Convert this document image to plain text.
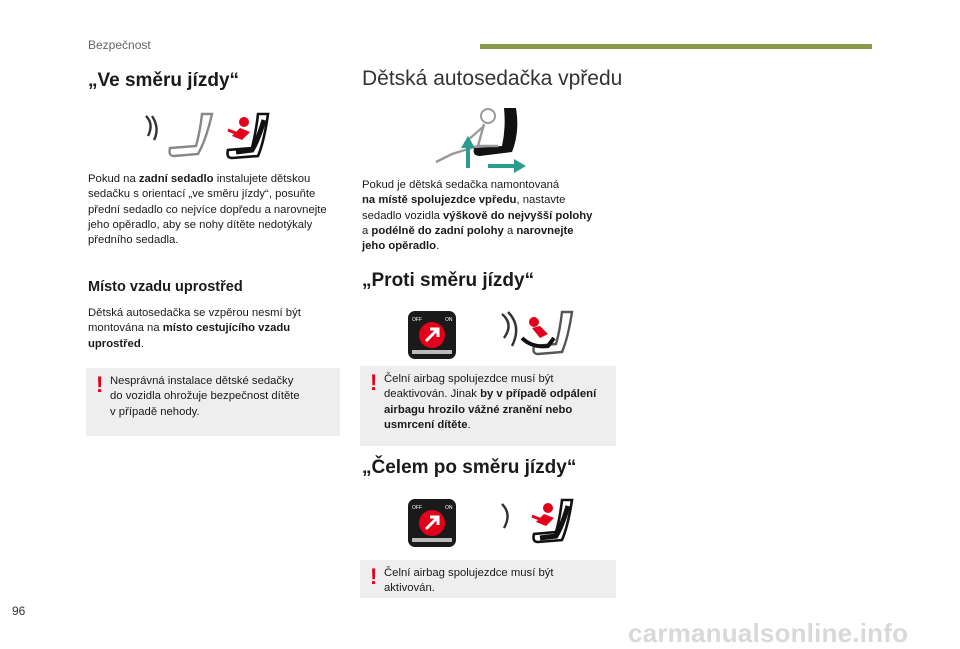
Bezpečnost
„Ve směru jízdy“
Pokud na zadní sedadlo instalujete dětskou
sedačku s orientací „ve směru jízdy“, posuňte
přední sedadlo co nejvíce dopředu a narovnejte
jeho opěradlo, aby se nohy dítěte nedotýkaly
předního sedadla.
Místo vzadu uprostřed
Dětská autosedačka se vzpěrou nesmí být
montována na místo cestujícího vzadu
uprostřed.
! Nesprávná instalace dětské sedačky
do vozidla ohrožuje bezpečnost dítěte
v případě nehody.
Dětská autosedačka vpředu
Pokud je dětská sedačka namontovaná
na místě spolujezdce vpředu, nastavte
sedadlo vozidla výškově do nejvyšší polohy
a podélně do zadní polohy a narovnejte
jeho opěradlo.
„Proti směru jízdy“
OFF	ON
! Čelní airbag spolujezdce musí být
deaktivován. Jinak by v případě odpálení
airbagu hrozilo vážné zranění nebo
usmrcení dítěte.
„Čelem po směru jízdy“
OFF	ON
! Čelní airbag spolujezdce musí být
aktivován.
96
carmanualsonline.info
